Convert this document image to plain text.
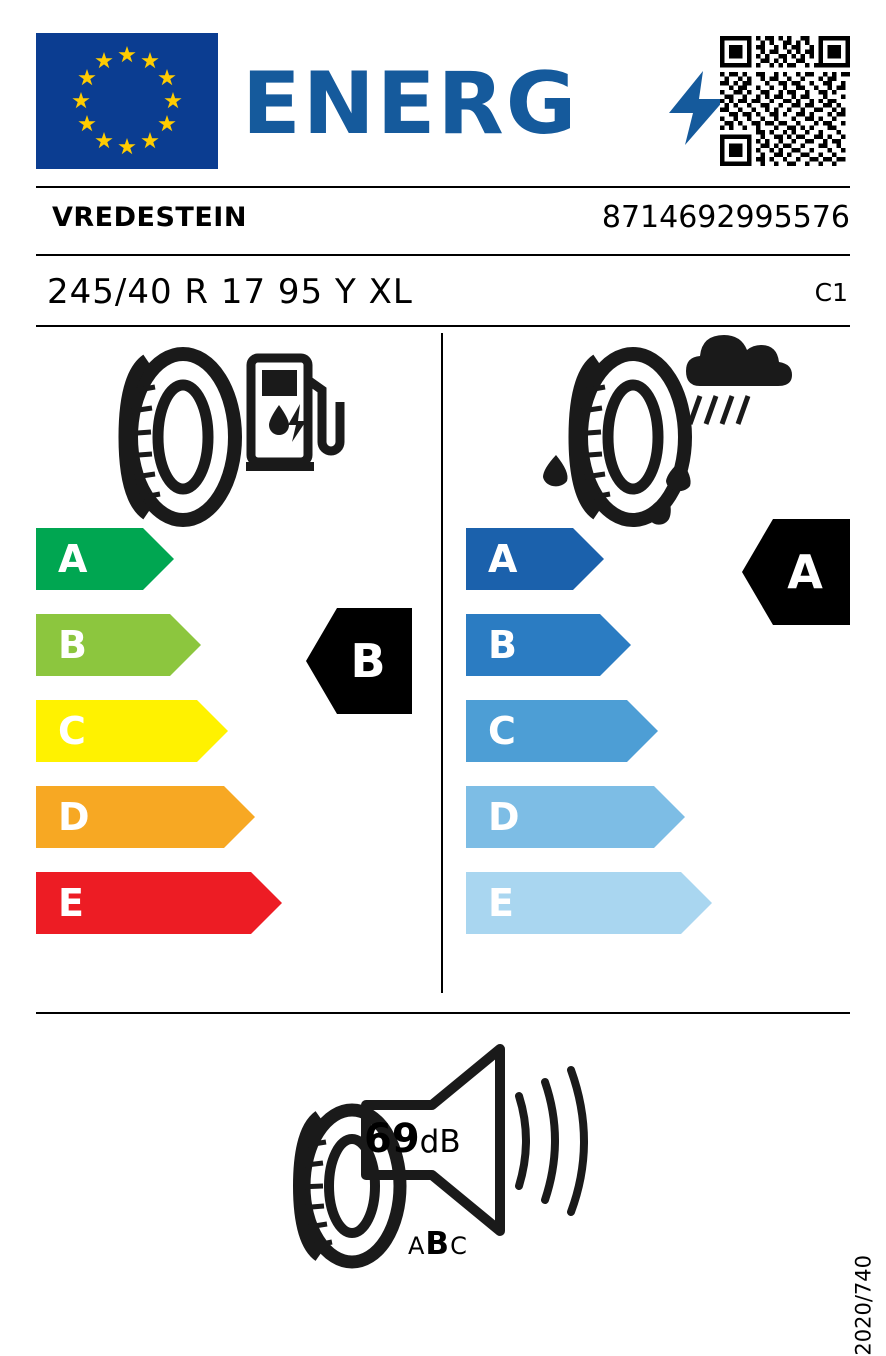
ENERG
VREDESTEIN	8714692995576
245/40 R 17 95 Y XL	C1
A
B
C
D
E
A
B
C
D
E
B
A
69dB
ABC
2020/740
